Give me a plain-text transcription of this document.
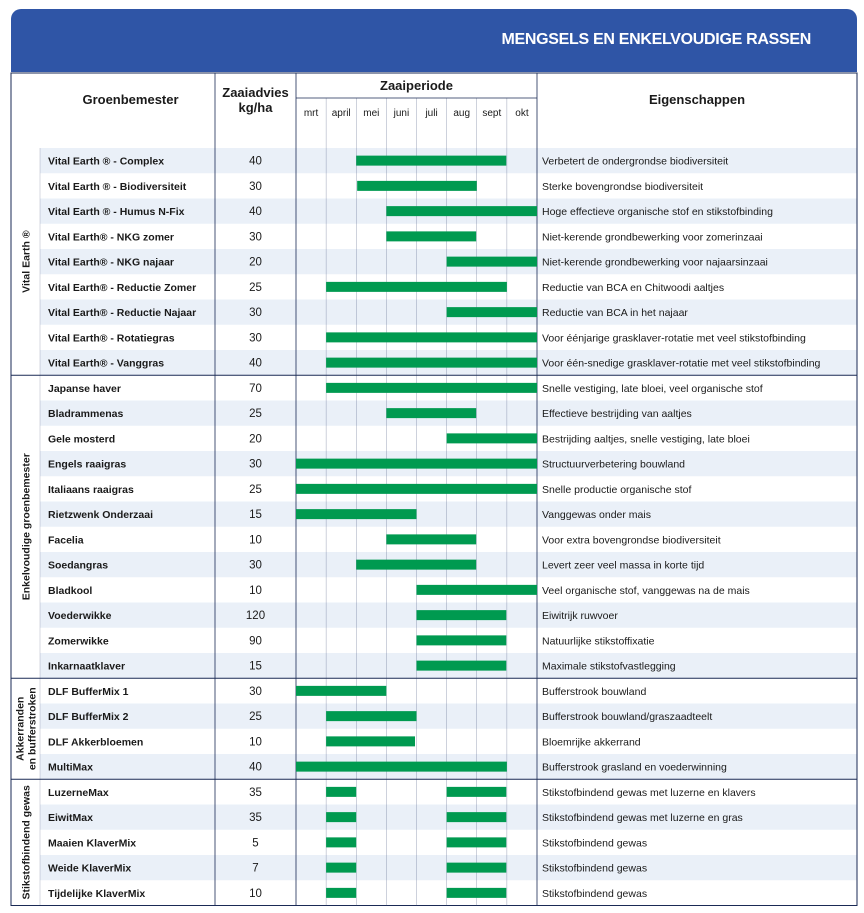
MENGSELS EN ENKELVOUDIGE RASSEN
Groenbemester	Zaaiadvies
kg/ha
Zaaiperiode
Eigenschappen
mrt april mei juni juli aug sept okt
Vital Earth ® - Complex	40	Verbetert de ondergrondse biodiversiteit
Vital Earth ® - Biodiversiteit	30	Sterke bovengrondse biodiversiteit
Vital Earth ® - Humus N-Fix	40	Hoge effectieve organische stof en stikstofbinding
Vital Earth® - NKG zomer	30	Niet-kerende grondbewerking voor zomerinzaai
Vital Earth® - NKG najaar	20	Niet-kerende grondbewerking voor najaarsinzaai
Vital Earth® - Reductie Zomer	25	Reductie van BCA en Chitwoodi aaltjes
Vital Earth® - Reductie Najaar	30	Reductie van BCA in het najaar
Vital Earth® - Rotatiegras	30	Voor éénjarige grasklaver-rotatie met veel stikstofbinding
Vital Earth® - Vanggras	40	Voor één-snedige grasklaver-rotatie met veel stikstofbinding
Vital Earth ®
Japanse haver	70	Snelle vestiging, late bloei, veel organische stof
Bladrammenas	25	Effectieve bestrijding van aaltjes
Gele mosterd	20	Bestrijding aaltjes, snelle vestiging, late bloei
Engels raaigras	30	Structuurverbetering bouwland
Italiaans raaigras	25	Snelle productie organische stof
Rietzwenk Onderzaai	15	Vanggewas onder mais
Facelia	10	Voor extra bovengrondse biodiversiteit
Soedangras	30	Levert zeer veel massa in korte tijd
Bladkool	10	Veel organische stof, vanggewas na de mais
Voederwikke	120	Eiwitrijk ruwvoer
Zomerwikke	90	Natuurlijke stikstoffixatie
Inkarnaatklaver	15	Maximale stikstofvastlegging
Enkelvoudige groenbemester
DLF BufferMix 1	30	Bufferstrook bouwland
DLF BufferMix 2	25	Bufferstrook bouwland/graszaadteelt
DLF Akkerbloemen	10	Bloemrijke akkerrand
MultiMax	40	Bufferstrook grasland en voederwinning
Akkerranden en bufferstroken
LuzerneMax	35	Stikstofbindend gewas met luzerne en klavers
EiwitMax	35	Stikstofbindend gewas met luzerne en gras
Maaien KlaverMix	5	Stikstofbindend gewas
Weide KlaverMix	7	Stikstofbindend gewas
Tijdelijke KlaverMix	10	Stikstofbindend gewas
Stikstofbindend gewas
